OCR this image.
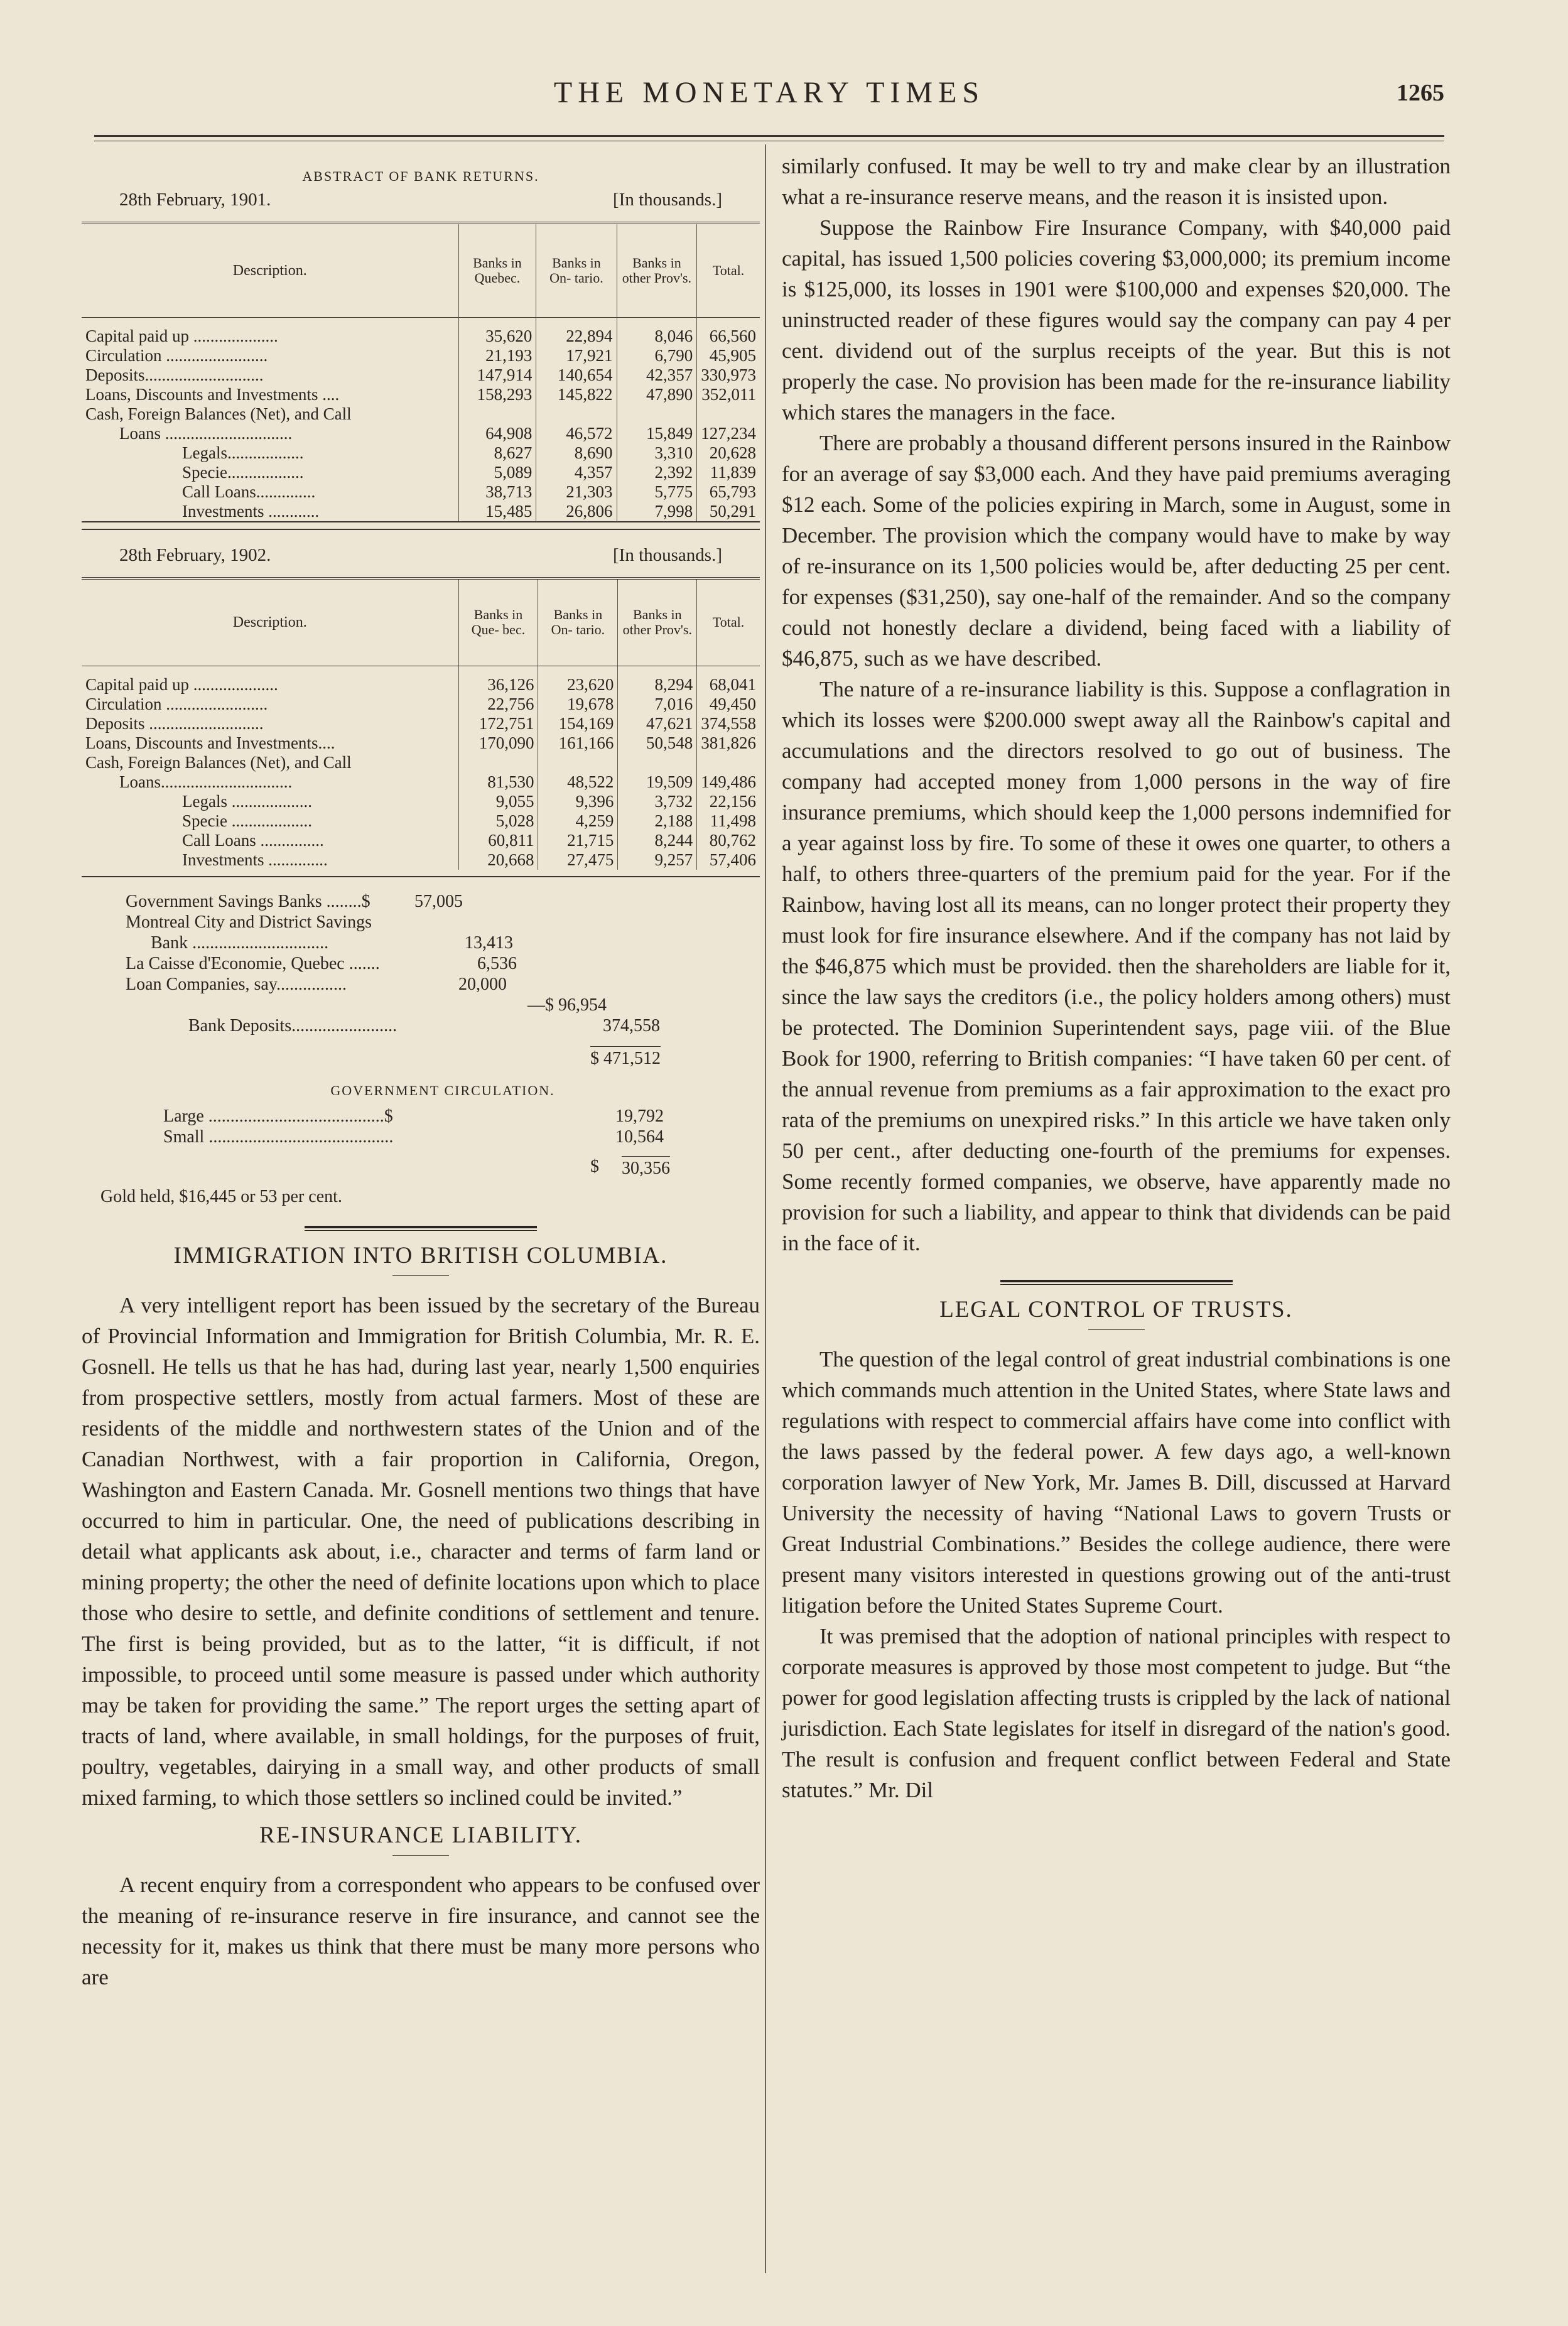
THE MONETARY TIMES	1265
ABSTRACT OF BANK RETURNS.
28th February, 1901.	[In thousands.]
Description.	Banks in Quebec.	Banks in On- tario.	Banks in other Prov's.	Total.
Capital paid up ....................	35,620	22,894	8,046	66,560
Circulation ........................	21,193	17,921	6,790	45,905
Deposits............................	147,914	140,654	42,357	330,973
Loans, Discounts and Investments ....	158,293	145,822	47,890	352,011
Cash, Foreign Balances (Net), and Call				
Loans ..............................	64,908	46,572	15,849	127,234
Legals..................	8,627	8,690	3,310	20,628
Specie..................	5,089	4,357	2,392	11,839
Call Loans..............	38,713	21,303	5,775	65,793
Investments ............	15,485	26,806	7,998	50,291
28th February, 1902.	[In thousands.]
Description.	Banks in Que- bec.	Banks in On- tario.	Banks in other Prov's.	Total.
Capital paid up ....................	36,126	23,620	8,294	68,041
Circulation ........................	22,756	19,678	7,016	49,450
Deposits ...........................	172,751	154,169	47,621	374,558
Loans, Discounts and Investments....	170,090	161,166	50,548	381,826
Cash, Foreign Balances (Net), and Call				
Loans...............................	81,530	48,522	19,509	149,486
Legals ...................	9,055	9,396	3,732	22,156
Specie ...................	5,028	4,259	2,188	11,498
Call Loans ...............	60,811	21,715	8,244	80,762
Investments ..............	20,668	27,475	9,257	57,406
Government Savings Banks ........$	57,005
Montreal City and District Savings
Bank ...............................	13,413
La Caisse d'Economie, Quebec .......	6,536
Loan Companies, say................	20,000
—$ 96,954
Bank Deposits........................	374,558
$ 471,512
GOVERNMENT CIRCULATION.
Large ........................................$	19,792
Small ..........................................	10,564
$ 30,356
Gold held, $16,445 or 53 per cent.
IMMIGRATION INTO BRITISH COLUMBIA.

A very intelligent report has been issued by the secretary of the Bureau of Provincial Information and Immigration for British Columbia, Mr. R. E. Gosnell. He tells us that he has had, during last year, nearly 1,500 enquiries from prospective settlers, mostly from actual farmers. Most of these are residents of the middle and northwestern states of the Union and of the Canadian Northwest, with a fair proportion in California, Oregon, Washington and Eastern Canada. Mr. Gosnell mentions two things that have occurred to him in particular. One, the need of publications describing in detail what applicants ask about, i.e., character and terms of farm land or mining property; the other the need of definite locations upon which to place those who desire to settle, and definite conditions of settlement and tenure. The first is being provided, but as to the latter, “it is difficult, if not impossible, to proceed until some measure is passed under which authority may be taken for providing the same.” The report urges the setting apart of tracts of land, where available, in small holdings, for the purposes of fruit, poultry, vegetables, dairying in a small way, and other products of small mixed farming, to which those settlers so inclined could be invited.”

RE-INSURANCE LIABILITY.

A recent enquiry from a correspondent who appears to be confused over the meaning of re-insurance reserve in fire insurance, and cannot see the necessity for it, makes us think that there must be many more persons who are

similarly confused. It may be well to try and make clear by an illustration what a re-insurance reserve means, and the reason it is insisted upon.

Suppose the Rainbow Fire Insurance Company, with $40,000 paid capital, has issued 1,500 policies covering $3,000,000; its premium income is $125,000, its losses in 1901 were $100,000 and expenses $20,000. The uninstructed reader of these figures would say the company can pay 4 per cent. dividend out of the surplus receipts of the year. But this is not properly the case. No provision has been made for the re-insurance liability which stares the managers in the face.

There are probably a thousand different persons insured in the Rainbow for an average of say $3,000 each. And they have paid premiums averaging $12 each. Some of the policies expiring in March, some in August, some in December. The provision which the company would have to make by way of re-insurance on its 1,500 policies would be, after deducting 25 per cent. for expenses ($31,250), say one-half of the remainder. And so the company could not honestly declare a dividend, being faced with a liability of $46,875, such as we have described.

The nature of a re-insurance liability is this. Suppose a conflagration in which its losses were $200.000 swept away all the Rainbow's capital and accumulations and the directors resolved to go out of business. The company had accepted money from 1,000 persons in the way of fire insurance premiums, which should keep the 1,000 persons indemnified for a year against loss by fire. To some of these it owes one quarter, to others a half, to others three-quarters of the premium paid for the year. For if the Rainbow, having lost all its means, can no longer protect their property they must look for fire insurance elsewhere. And if the company has not laid by the $46,875 which must be provided. then the shareholders are liable for it, since the law says the creditors (i.e., the policy holders among others) must be protected. The Dominion Superintendent says, page viii. of the Blue Book for 1900, referring to British companies: “I have taken 60 per cent. of the annual revenue from premiums as a fair approximation to the exact pro rata of the premiums on unexpired risks.” In this article we have taken only 50 per cent., after deducting one-fourth of the premiums for expenses. Some recently formed companies, we observe, have apparently made no provision for such a liability, and appear to think that dividends can be paid in the face of it.

LEGAL CONTROL OF TRUSTS.

The question of the legal control of great industrial combinations is one which commands much attention in the United States, where State laws and regulations with respect to commercial affairs have come into conflict with the laws passed by the federal power. A few days ago, a well-known corporation lawyer of New York, Mr. James B. Dill, discussed at Harvard University the necessity of having “National Laws to govern Trusts or Great Industrial Combinations.” Besides the college audience, there were present many visitors interested in questions growing out of the anti-trust litigation before the United States Supreme Court.

It was premised that the adoption of national principles with respect to corporate measures is approved by those most competent to judge. But “the power for good legislation affecting trusts is crippled by the lack of national jurisdiction. Each State legislates for itself in disregard of the nation's good. The result is confusion and frequent conflict between Federal and State statutes.” Mr. Dil
